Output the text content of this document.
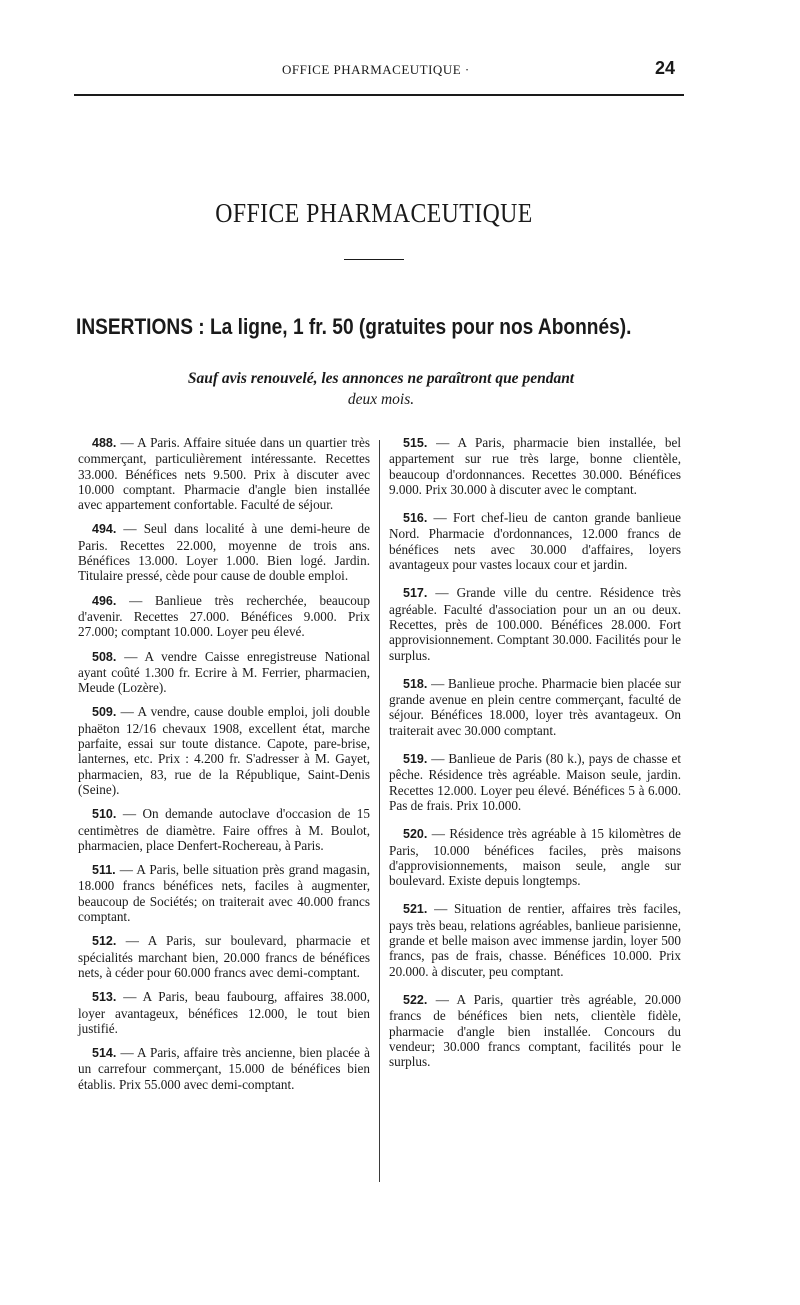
OFFICE PHARMACEUTIQUE ·	24
OFFICE PHARMACEUTIQUE
INSERTIONS : La ligne, 1 fr. 50 (gratuites pour nos Abonnés).
Sauf avis renouvelé, les annonces ne paraîtront que pendant
deux mois.

488. — A Paris. Affaire située dans un quartier très commerçant, particulièrement intéressante. Recettes 33.000. Bénéfices nets 9.500. Prix à discuter avec 10.000 comptant. Pharmacie d'angle bien installée avec appartement confortable. Faculté de séjour.

494. — Seul dans localité à une demi-heure de Paris. Recettes 22.000, moyenne de trois ans. Bénéfices 13.000. Loyer 1.000. Bien logé. Jardin. Titulaire pressé, cède pour cause de double emploi.

496. — Banlieue très recherchée, beaucoup d'avenir. Recettes 27.000. Bénéfices 9.000. Prix 27.000; comptant 10.000. Loyer peu élevé.

508. — A vendre Caisse enregistreuse National ayant coûté 1.300 fr. Ecrire à M. Ferrier, pharmacien, Meude (Lozère).

509. — A vendre, cause double emploi, joli double phaëton 12/16 chevaux 1908, excellent état, marche parfaite, essai sur toute distance. Capote, pare-brise, lanternes, etc. Prix : 4.200 fr. S'adresser à M. Gayet, pharmacien, 83, rue de la République, Saint-Denis (Seine).

510. — On demande autoclave d'occasion de 15 centimètres de diamètre. Faire offres à M. Boulot, pharmacien, place Denfert-Rochereau, à Paris.

511. — A Paris, belle situation près grand magasin, 18.000 francs bénéfices nets, faciles à augmenter, beaucoup de Sociétés; on traiterait avec 40.000 francs comptant.

512. — A Paris, sur boulevard, pharmacie et spécialités marchant bien, 20.000 francs de bénéfices nets, à céder pour 60.000 francs avec demi-comptant.

513. — A Paris, beau faubourg, affaires 38.000, loyer avantageux, bénéfices 12.000, le tout bien justifié.

514. — A Paris, affaire très ancienne, bien placée à un carrefour commerçant, 15.000 de bénéfices bien établis. Prix 55.000 avec demi-comptant.

515. — A Paris, pharmacie bien installée, bel appartement sur rue très large, bonne clientèle, beaucoup d'ordonnances. Recettes 30.000. Bénéfices 9.000. Prix 30.000 à discuter avec le comptant.

516. — Fort chef-lieu de canton grande banlieue Nord. Pharmacie d'ordonnances, 12.000 francs de bénéfices nets avec 30.000 d'affaires, loyers avantageux pour vastes locaux cour et jardin.

517. — Grande ville du centre. Résidence très agréable. Faculté d'association pour un an ou deux. Recettes, près de 100.000. Bénéfices 28.000. Fort approvisionnement. Comptant 30.000. Facilités pour le surplus.

518. — Banlieue proche. Pharmacie bien placée sur grande avenue en plein centre commerçant, faculté de séjour. Bénéfices 18.000, loyer très avantageux. On traiterait avec 30.000 comptant.

519. — Banlieue de Paris (80 k.), pays de chasse et pêche. Résidence très agréable. Maison seule, jardin. Recettes 12.000. Loyer peu élevé. Bénéfices 5 à 6.000. Pas de frais. Prix 10.000.

520. — Résidence très agréable à 15 kilomètres de Paris, 10.000 bénéfices faciles, près maisons d'approvisionnements, maison seule, angle sur boulevard. Existe depuis longtemps.

521. — Situation de rentier, affaires très faciles, pays très beau, relations agréables, banlieue parisienne, grande et belle maison avec immense jardin, loyer 500 francs, pas de frais, chasse. Bénéfices 10.000. Prix 20.000. à discuter, peu comptant.

522. — A Paris, quartier très agréable, 20.000 francs de bénéfices bien nets, clientèle fidèle, pharmacie d'angle bien installée. Concours du vendeur; 30.000 francs comptant, facilités pour le surplus.
